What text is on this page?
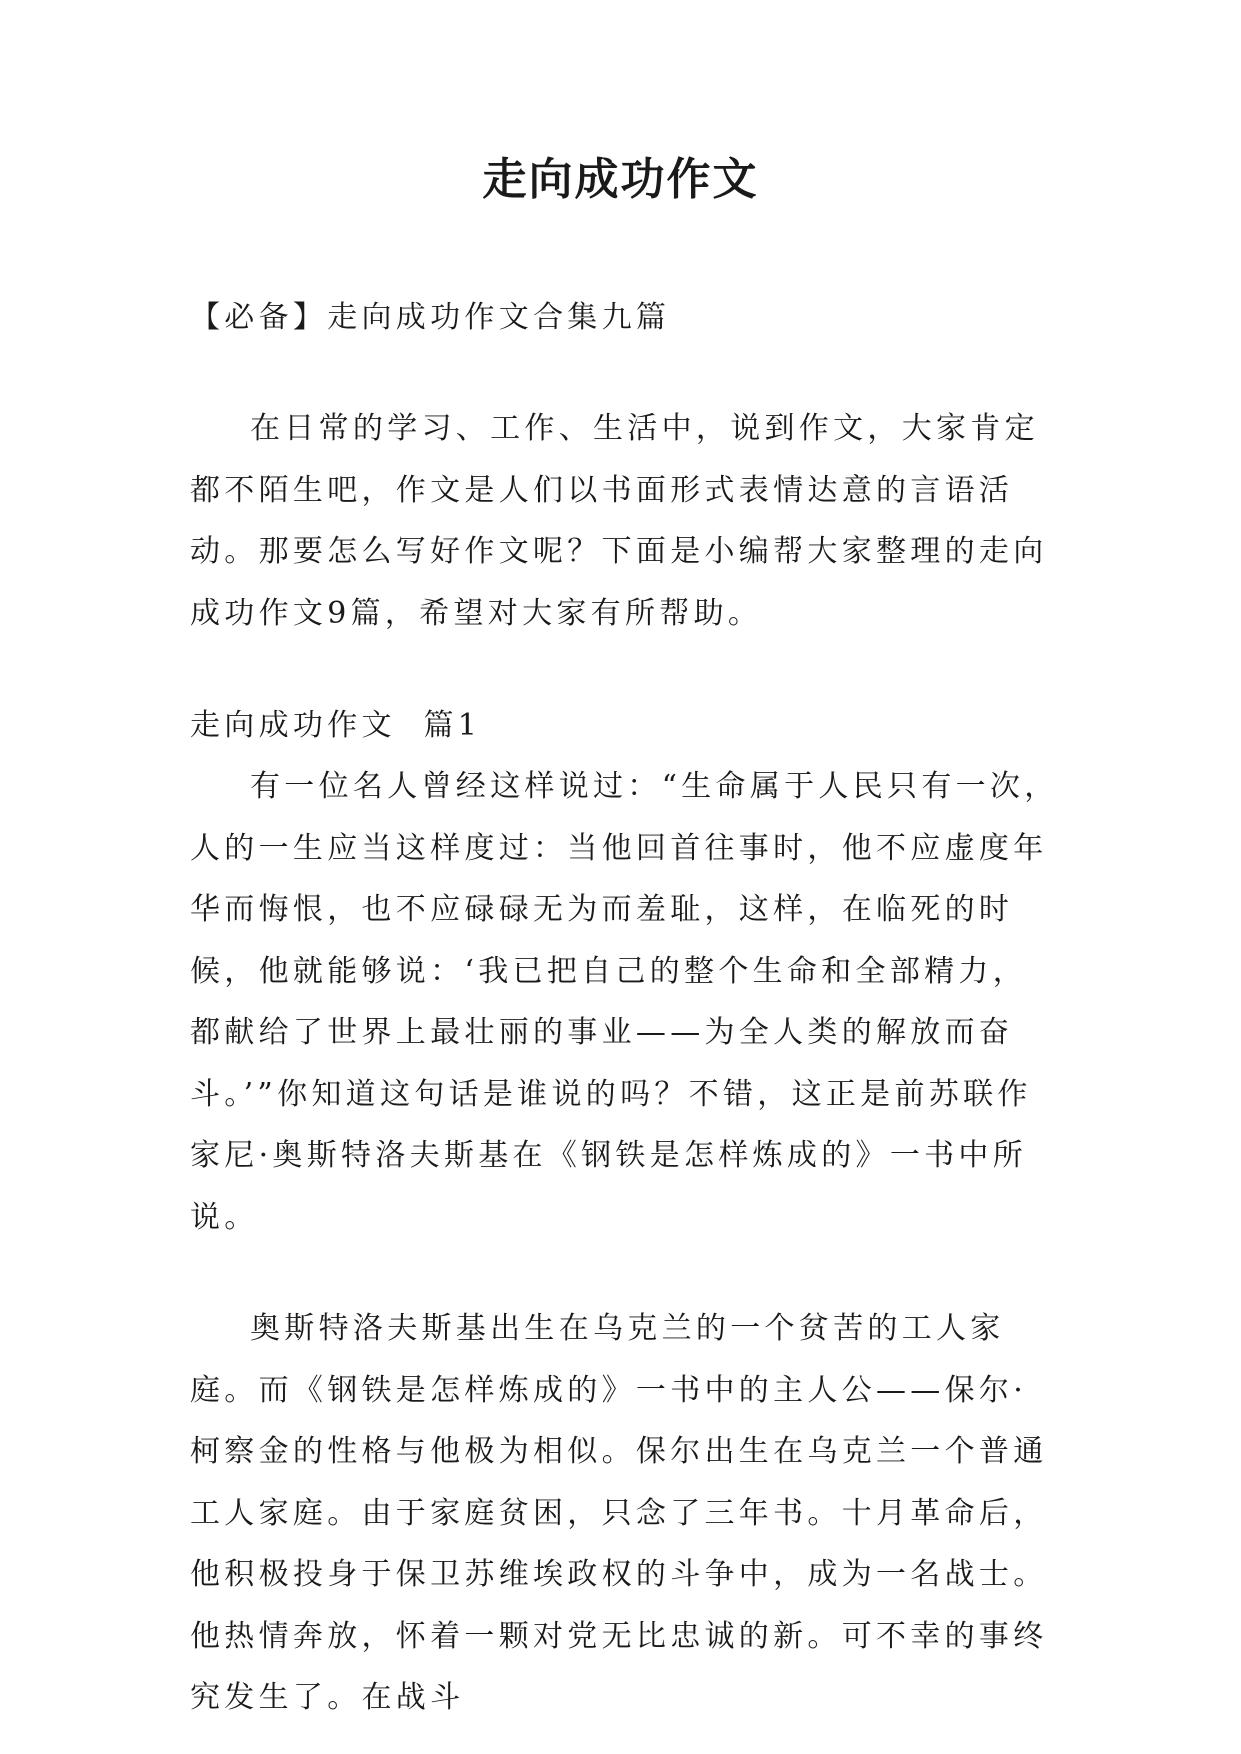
走向成功作文

【必备】走向成功作文合集九篇

在日常的学习、工作、生活中，说到作文，大家肯定都不陌生吧，作文是人们以书面形式表情达意的言语活动。那要怎么写好作文呢？下面是小编帮大家整理的走向成功作文9篇，希望对大家有所帮助。

走向成功作文  篇1

有一位名人曾经这样说过：“生命属于人民只有一次，人的一生应当这样度过：当他回首往事时，他不应虚度年华而悔恨，也不应碌碌无为而羞耻，这样，在临死的时候，他就能够说：‘我已把自己的整个生命和全部精力，都献给了世界上最壮丽的事业——为全人类的解放而奋斗。’”你知道这句话是谁说的吗？不错，这正是前苏联作家尼·奥斯特洛夫斯基在《钢铁是怎样炼成的》一书中所说。

奥斯特洛夫斯基出生在乌克兰的一个贫苦的工人家庭。而《钢铁是怎样炼成的》一书中的主人公——保尔·柯察金的性格与他极为相似。保尔出生在乌克兰一个普通工人家庭。由于家庭贫困，只念了三年书。十月革命后，他积极投身于保卫苏维埃政权的斗争中，成为一名战士。他热情奔放，怀着一颗对党无比忠诚的新。可不幸的事终究发生了。在战斗
